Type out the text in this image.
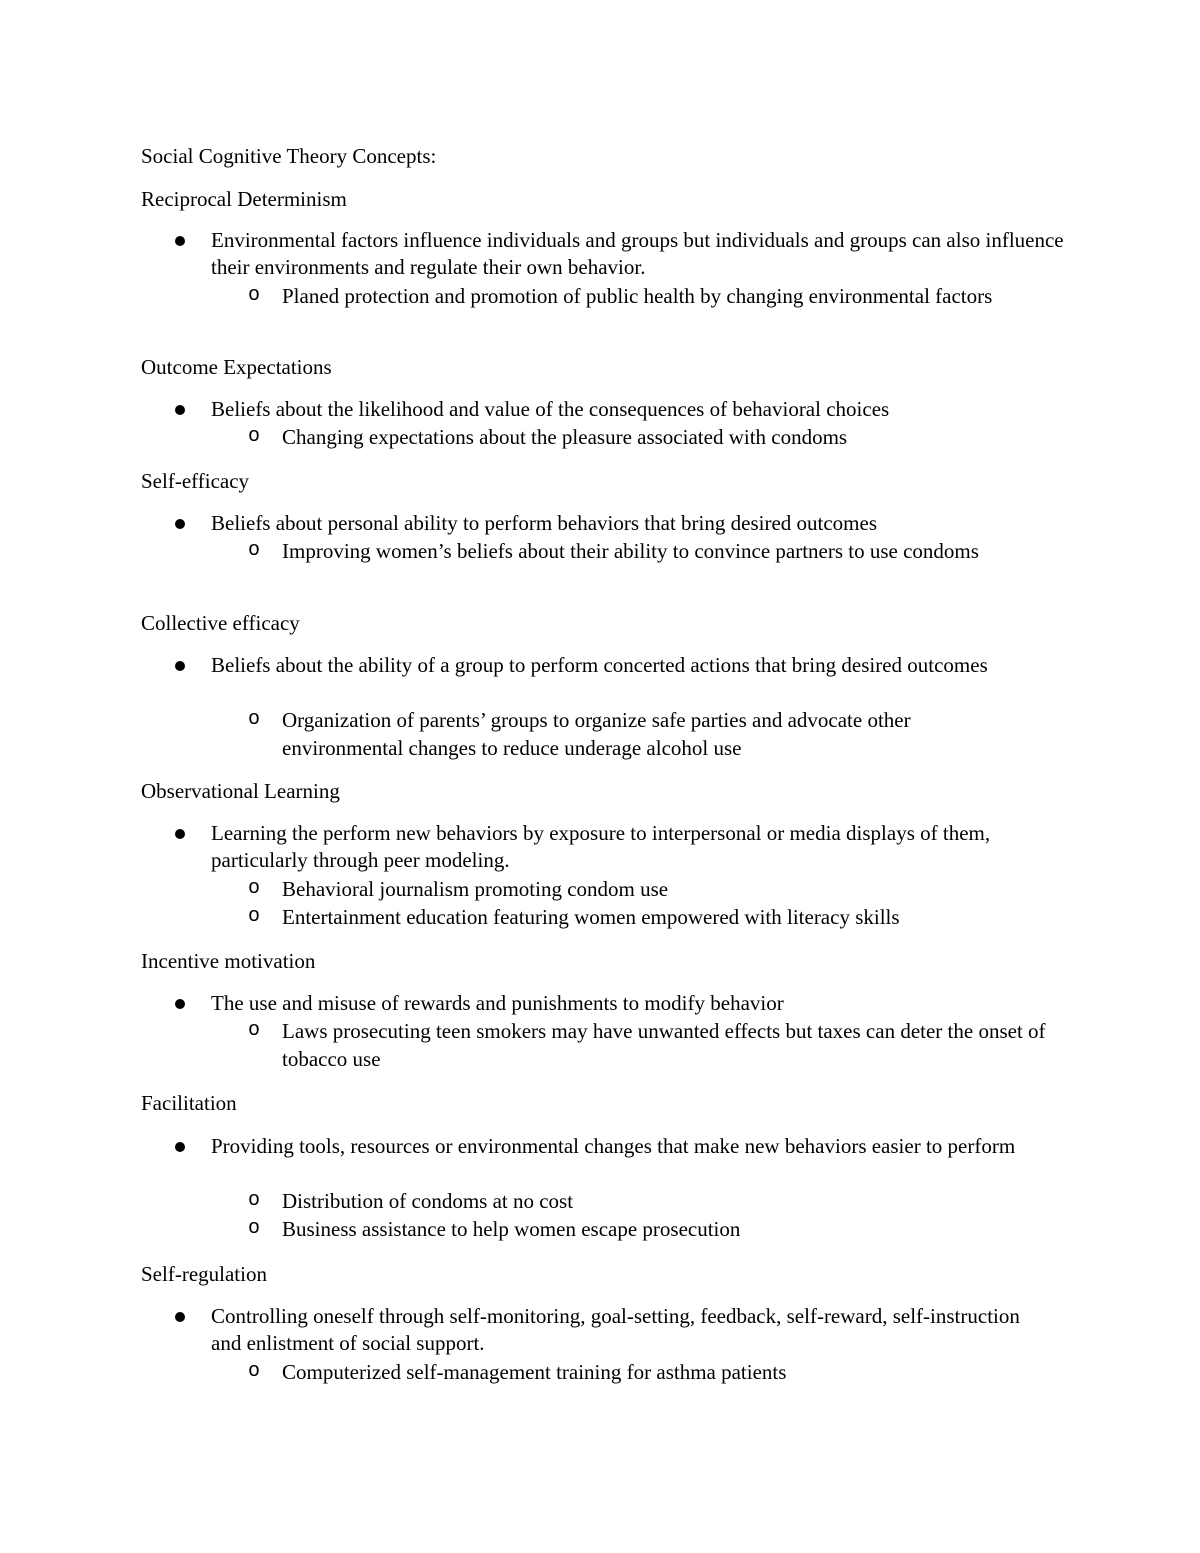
Social Cognitive Theory Concepts:
Reciprocal Determinism
Environmental factors influence individuals and groups but individuals and groups can also influence their environments and regulate their own behavior.
o Planed protection and promotion of public health by changing environmental factors
Outcome Expectations
Beliefs about the likelihood and value of the consequences of behavioral choices
o Changing expectations about the pleasure associated with condoms
Self-efficacy
Beliefs about personal ability to perform behaviors that bring desired outcomes
o Improving women’s beliefs about their ability to convince partners to use condoms
Collective efficacy
Beliefs about the ability of a group to perform concerted actions that bring desired outcomes
o Organization of parents’ groups to organize safe parties and advocate other environmental changes to reduce underage alcohol use
Observational Learning
Learning the perform new behaviors by exposure to interpersonal or media displays of them, particularly through peer modeling.
o Behavioral journalism promoting condom use
o Entertainment education featuring women empowered with literacy skills
Incentive motivation
The use and misuse of rewards and punishments to modify behavior
o Laws prosecuting teen smokers may have unwanted effects but taxes can deter the onset of tobacco use
Facilitation
Providing tools, resources or environmental changes that make new behaviors easier to perform
o Distribution of condoms at no cost
o Business assistance to help women escape prosecution
Self-regulation
Controlling oneself through self-monitoring, goal-setting, feedback, self-reward, self-instruction and enlistment of social support.
o Computerized self-management training for asthma patients
